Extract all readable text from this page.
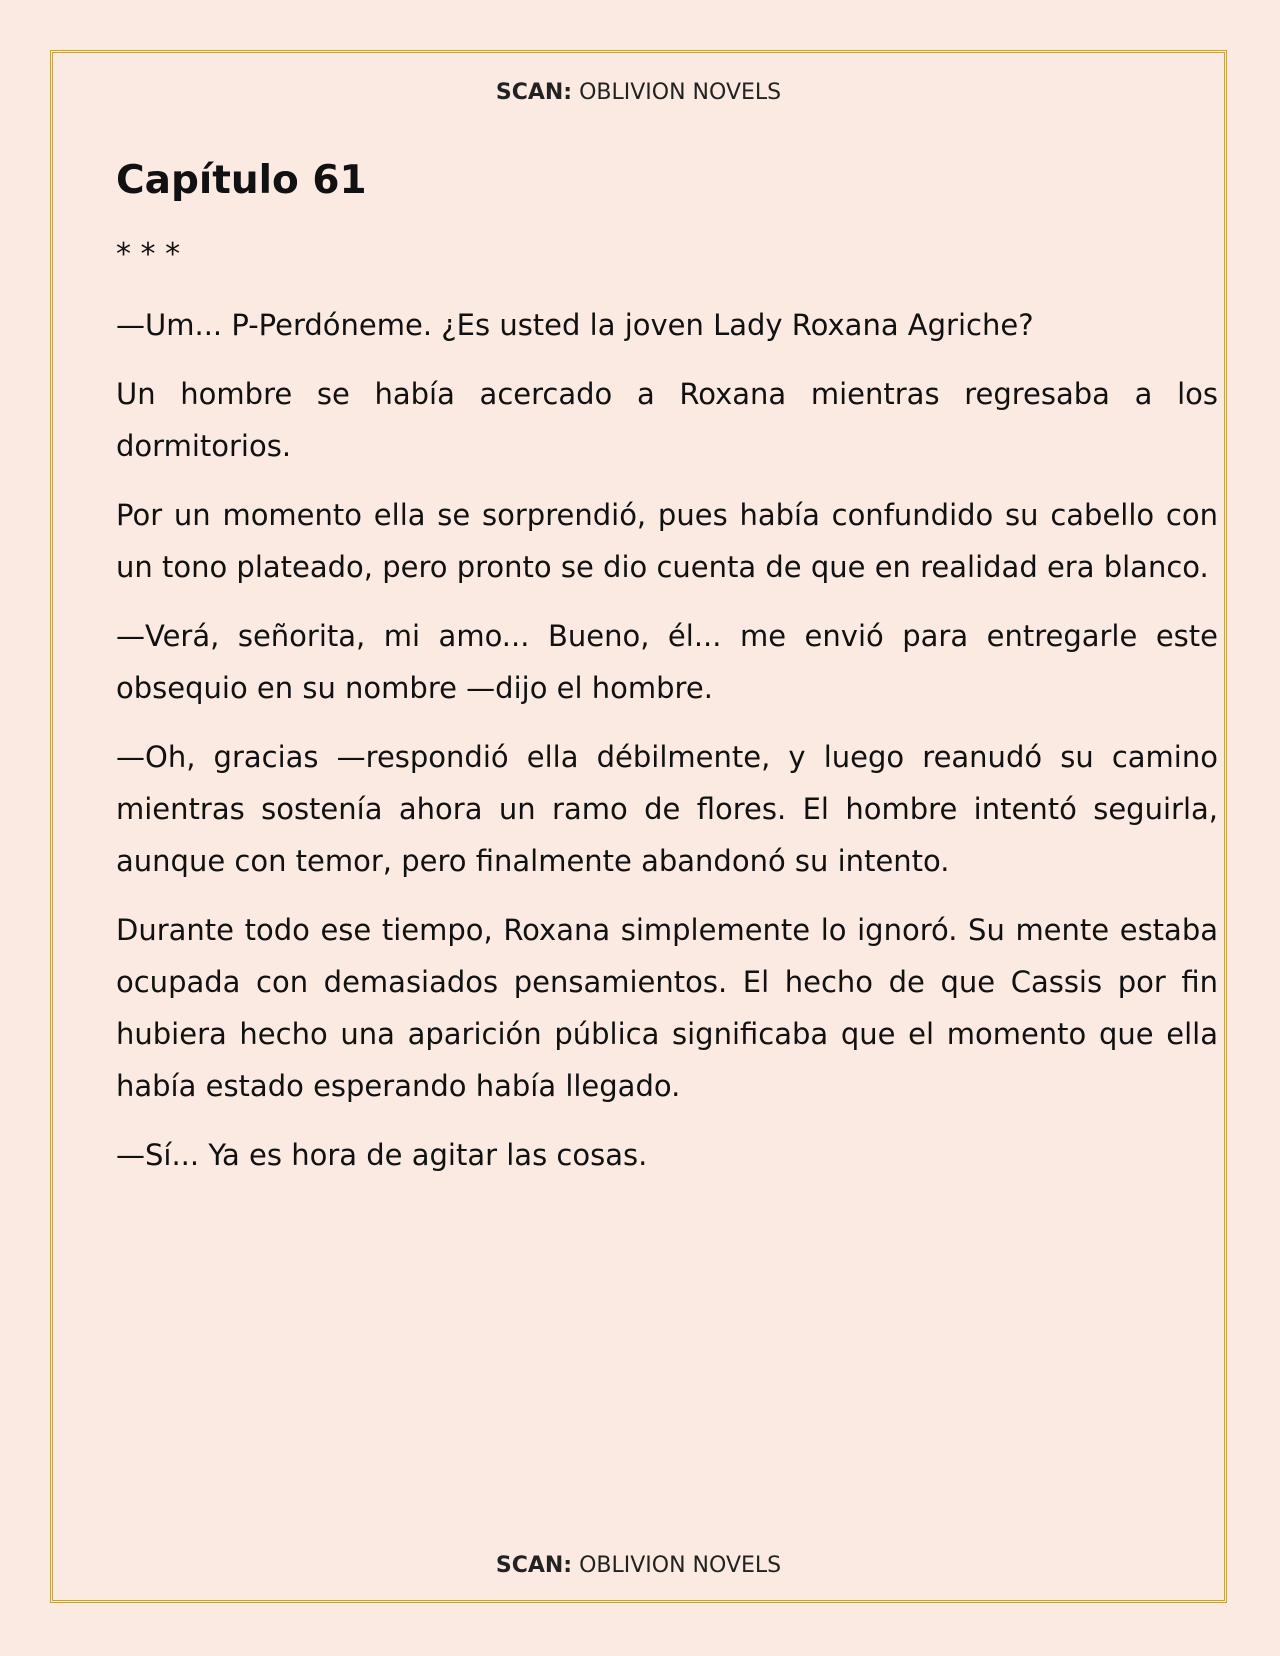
SCAN: OBLIVION NOVELS
Capítulo 61
* * *

—Um... P-Perdóneme. ¿Es usted la joven Lady Roxana Agriche?

Un hombre se había acercado a Roxana mientras regresaba a los dormitorios.

Por un momento ella se sorprendió, pues había confundido su cabello con un tono plateado, pero pronto se dio cuenta de que en realidad era blanco.

—Verá, señorita, mi amo... Bueno, él... me envió para entregarle este obsequio en su nombre —dijo el hombre.

—Oh, gracias —respondió ella débilmente, y luego reanudó su camino mientras sostenía ahora un ramo de flores. El hombre intentó seguirla, aunque con temor, pero finalmente abandonó su intento.

Durante todo ese tiempo, Roxana simplemente lo ignoró. Su mente estaba ocupada con demasiados pensamientos. El hecho de que Cassis por fin hubiera hecho una aparición pública significaba que el momento que ella había estado esperando había llegado.

—Sí... Ya es hora de agitar las cosas.

SCAN: OBLIVION NOVELS
